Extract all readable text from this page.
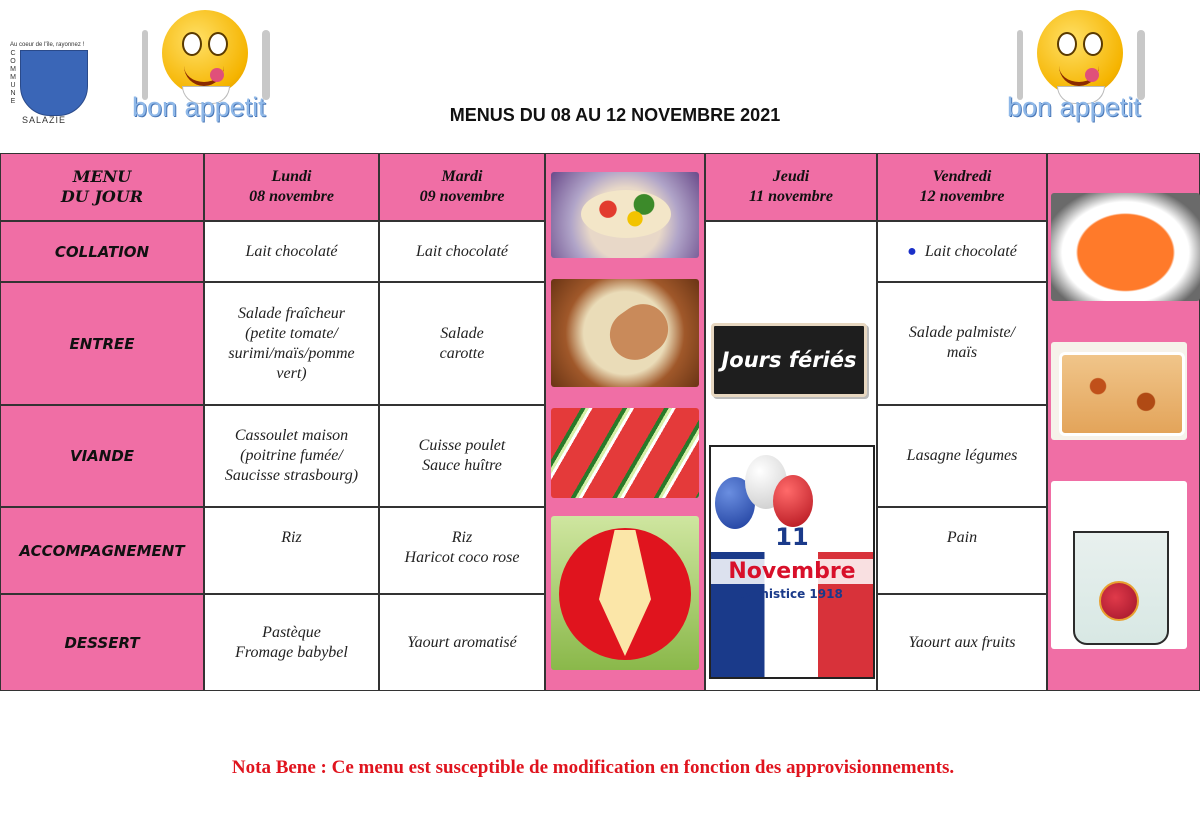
Au coeur de l'île, rayonnez !
C
O
M
M
U
N
E
SALAZIE bon appetit	bon appetit
MENUS DU 08 AU 12 NOVEMBRE 2021
MENU
DU JOUR
Lundi
08 novembre
Mardi
09 novembre
Jeudi
11 novembre
Vendredi
12 novembre
COLLATION
ENTREE
VIANDE
ACCOMPAGNEMENT
DESSERT
Lait chocolaté
Salade fraîcheur
(petite tomate/
surimi/maïs/pomme
vert)
Cassoulet maison
(poitrine fumée/
Saucisse strasbourg)
Riz
Pastèque
Fromage babybel
Lait chocolaté
Salade
carotte
Cuisse poulet
Sauce huître
Riz
Haricot coco rose
Yaourt aromatisé
● Lait chocolaté
Salade palmiste/
maïs
Lasagne légumes
Pain
Yaourt aux fruits
Jours fériés
11
Novembre
Armistice 1918
Nota Bene : Ce menu est susceptible de modification en fonction des approvisionnements.
